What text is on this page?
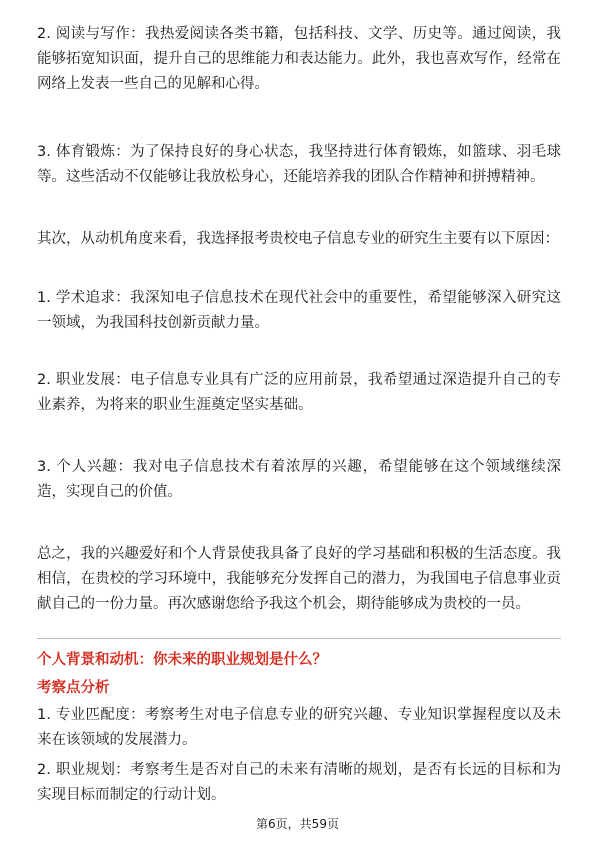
2. 阅读与写作：我热爱阅读各类书籍，包括科技、文学、历史等。通过阅读，我能够拓宽知识面，提升自己的思维能力和表达能力。此外，我也喜欢写作，经常在网络上发表一些自己的见解和心得。

3. 体育锻炼：为了保持良好的身心状态，我坚持进行体育锻炼，如篮球、羽毛球等。这些活动不仅能够让我放松身心，还能培养我的团队合作精神和拼搏精神。

其次，从动机角度来看，我选择报考贵校电子信息专业的研究生主要有以下原因：

1. 学术追求：我深知电子信息技术在现代社会中的重要性，希望能够深入研究这一领域，为我国科技创新贡献力量。

2. 职业发展：电子信息专业具有广泛的应用前景，我希望通过深造提升自己的专业素养，为将来的职业生涯奠定坚实基础。

3. 个人兴趣：我对电子信息技术有着浓厚的兴趣，希望能够在这个领域继续深造，实现自己的价值。

总之，我的兴趣爱好和个人背景使我具备了良好的学习基础和积极的生活态度。我相信，在贵校的学习环境中，我能够充分发挥自己的潜力，为我国电子信息事业贡献自己的一份力量。再次感谢您给予我这个机会，期待能够成为贵校的一员。

个人背景和动机：你未来的职业规划是什么？

考察点分析

1. 专业匹配度：考察考生对电子信息专业的研究兴趣、专业知识掌握程度以及未来在该领域的发展潜力。

2. 职业规划：考察考生是否对自己的未来有清晰的规划，是否有长远的目标和为实现目标而制定的行动计划。

第6页，共59页
